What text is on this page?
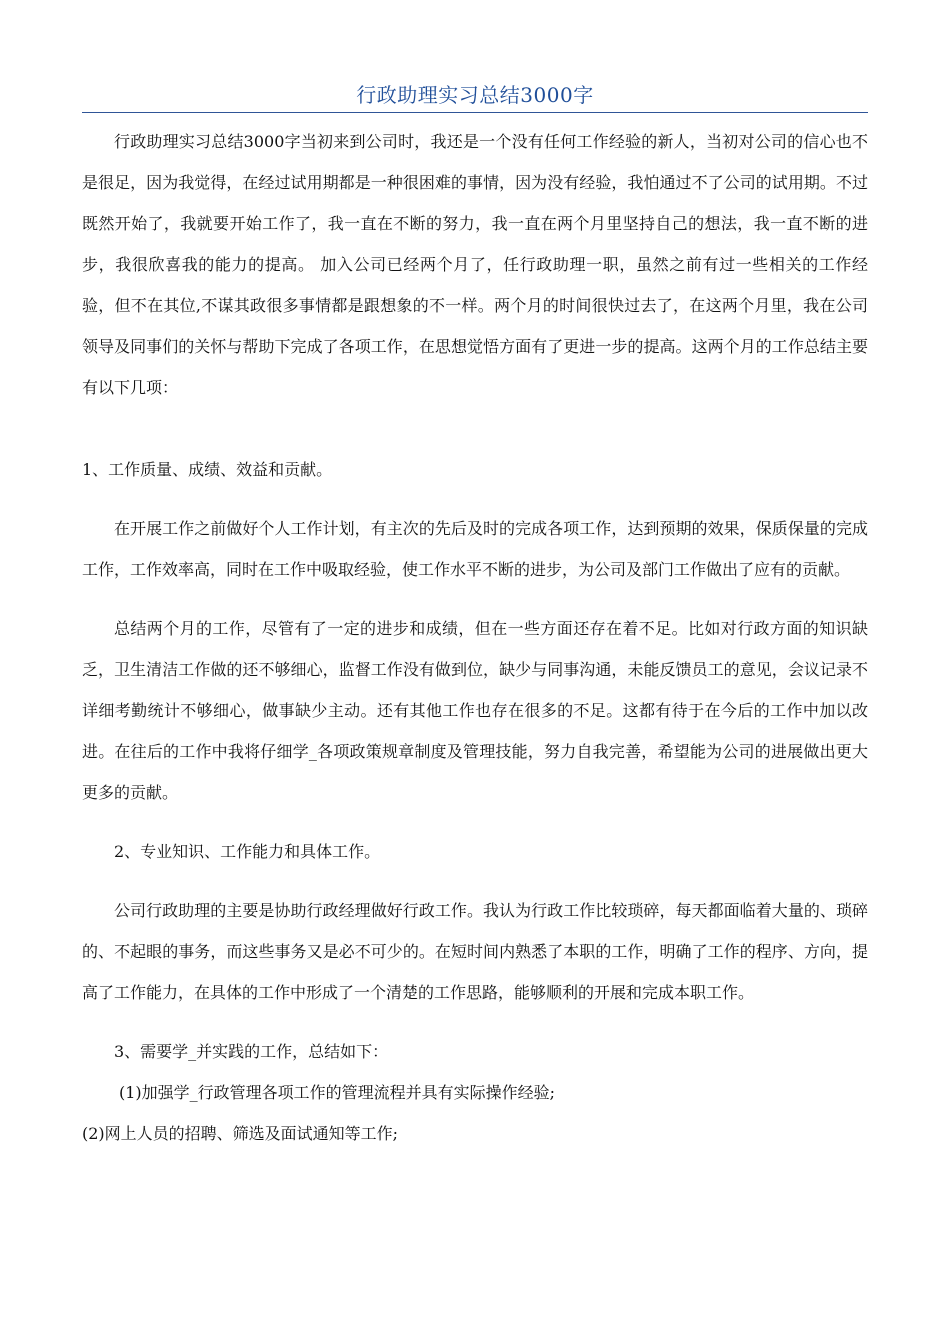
行政助理实习总结3000字

行政助理实习总结3000字当初来到公司时，我还是一个没有任何工作经验的新人，当初对公司的信心也不是很足，因为我觉得，在经过试用期都是一种很困难的事情，因为没有经验，我怕通过不了公司的试用期。不过既然开始了，我就要开始工作了，我一直在不断的努力，我一直在两个月里坚持自己的想法，我一直不断的进步，我很欣喜我的能力的提高。 加入公司已经两个月了，任行政助理一职，虽然之前有过一些相关的工作经验，但不在其位,不谋其政很多事情都是跟想象的不一样。两个月的时间很快过去了，在这两个月里，我在公司领导及同事们的关怀与帮助下完成了各项工作，在思想觉悟方面有了更进一步的提高。这两个月的工作总结主要有以下几项：

1、工作质量、成绩、效益和贡献。

在开展工作之前做好个人工作计划，有主次的先后及时的完成各项工作，达到预期的效果，保质保量的完成工作，工作效率高，同时在工作中吸取经验，使工作水平不断的进步，为公司及部门工作做出了应有的贡献。

总结两个月的工作，尽管有了一定的进步和成绩，但在一些方面还存在着不足。比如对行政方面的知识缺乏，卫生清洁工作做的还不够细心，监督工作没有做到位，缺少与同事沟通，未能反馈员工的意见，会议记录不详细考勤统计不够细心，做事缺少主动。还有其他工作也存在很多的不足。这都有待于在今后的工作中加以改进。在往后的工作中我将仔细学_各项政策规章制度及管理技能，努力自我完善，希望能为公司的进展做出更大更多的贡献。

2、专业知识、工作能力和具体工作。

公司行政助理的主要是协助行政经理做好行政工作。我认为行政工作比较琐碎，每天都面临着大量的、琐碎的、不起眼的事务，而这些事务又是必不可少的。在短时间内熟悉了本职的工作，明确了工作的程序、方向，提高了工作能力，在具体的工作中形成了一个清楚的工作思路，能够顺利的开展和完成本职工作。

3、需要学_并实践的工作，总结如下：

(1)加强学_行政管理各项工作的管理流程并具有实际操作经验;

(2)网上人员的招聘、筛选及面试通知等工作;
